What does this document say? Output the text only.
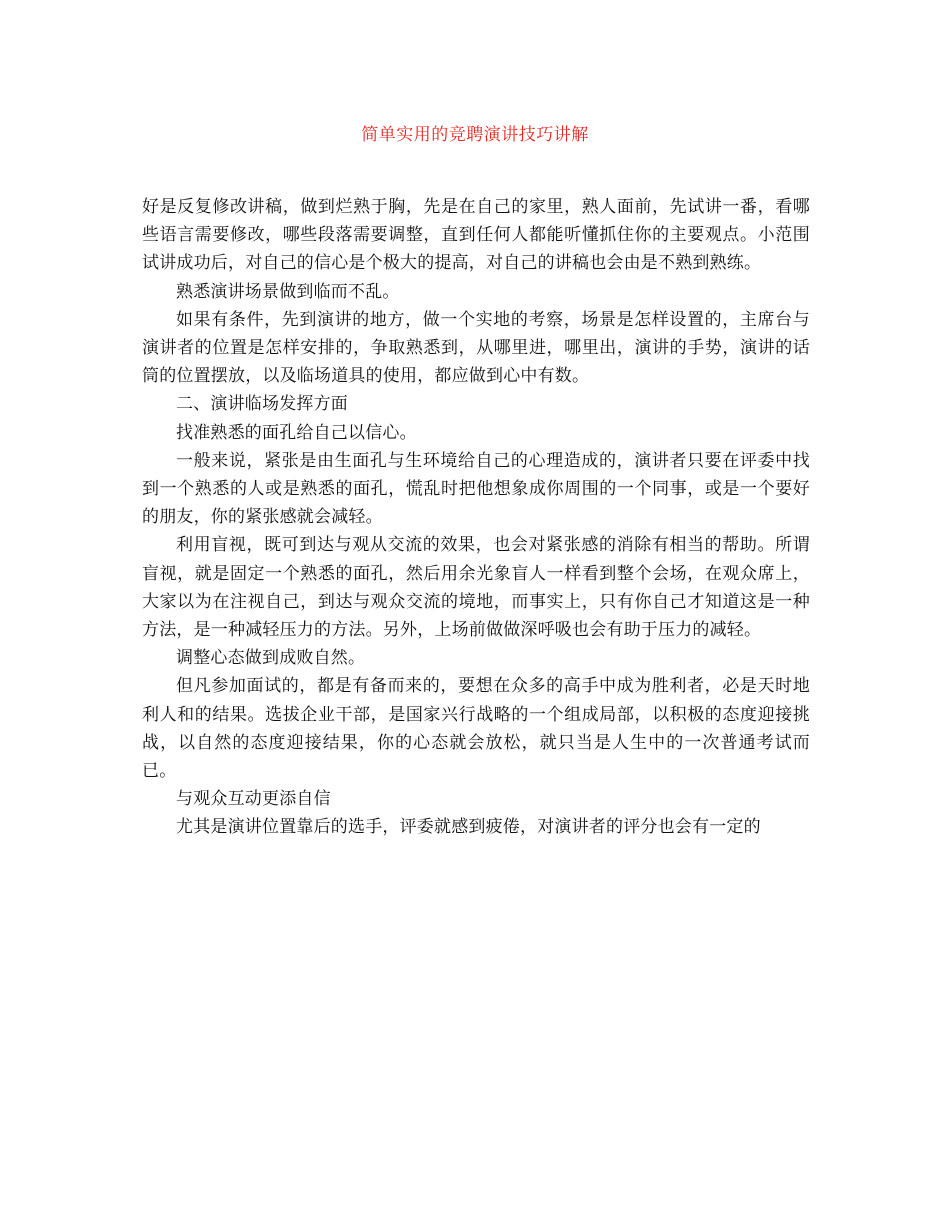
简单实用的竞聘演讲技巧讲解

好是反复修改讲稿，做到烂熟于胸，先是在自己的家里，熟人面前，先试讲一番，看哪些语言需要修改，哪些段落需要调整，直到任何人都能听懂抓住你的主要观点。小范围试讲成功后，对自己的信心是个极大的提高，对自己的讲稿也会由是不熟到熟练。

熟悉演讲场景做到临而不乱。

如果有条件，先到演讲的地方，做一个实地的考察，场景是怎样设置的，主席台与演讲者的位置是怎样安排的，争取熟悉到，从哪里进，哪里出，演讲的手势，演讲的话筒的位置摆放，以及临场道具的使用，都应做到心中有数。

二、演讲临场发挥方面

找准熟悉的面孔给自己以信心。

一般来说，紧张是由生面孔与生环境给自己的心理造成的，演讲者只要在评委中找到一个熟悉的人或是熟悉的面孔，慌乱时把他想象成你周围的一个同事，或是一个要好的朋友，你的紧张感就会减轻。

利用盲视，既可到达与观从交流的效果，也会对紧张感的消除有相当的帮助。所谓盲视，就是固定一个熟悉的面孔，然后用余光象盲人一样看到整个会场，在观众席上，大家以为在注视自己，到达与观众交流的境地，而事实上，只有你自己才知道这是一种方法，是一种减轻压力的方法。另外，上场前做做深呼吸也会有助于压力的减轻。

调整心态做到成败自然。

但凡参加面试的，都是有备而来的，要想在众多的高手中成为胜利者，必是天时地利人和的结果。选拔企业干部，是国家兴行战略的一个组成局部，以积极的态度迎接挑战，以自然的态度迎接结果，你的心态就会放松，就只当是人生中的一次普通考试而已。

与观众互动更添自信

尤其是演讲位置靠后的选手，评委就感到疲倦，对演讲者的评分也会有一定的
